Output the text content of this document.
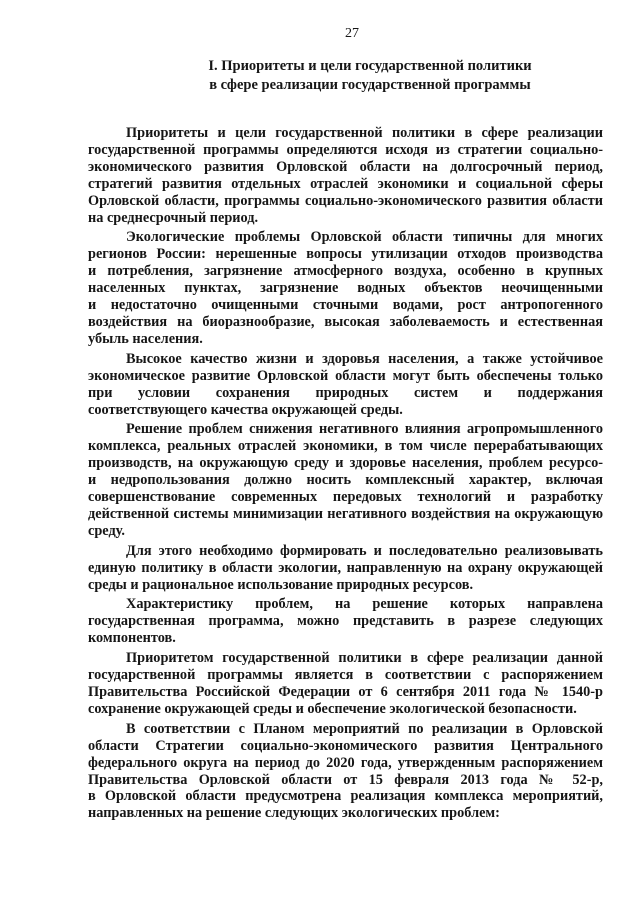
27
I. Приоритеты и цели государственной политики
в сфере реализации государственной программы

Приоритеты и цели государственной политики в сфере реализации
государственной программы определяются исходя из стратегии социально-
экономического развития Орловской области на долгосрочный период,
стратегий развития отдельных отраслей экономики и социальной сферы
Орловской области, программы социально-экономического развития области
на среднесрочный период.

Экологические проблемы Орловской области типичны для многих
регионов России: нерешенные вопросы утилизации отходов производства
и потребления, загрязнение атмосферного воздуха, особенно в крупных
населенных пунктах, загрязнение водных объектов неочищенными
и недостаточно очищенными сточными водами, рост антропогенного
воздействия на биоразнообразие, высокая заболеваемость и естественная
убыль населения.

Высокое качество жизни и здоровья населения, а также устойчивое
экономическое развитие Орловской области могут быть обеспечены только
при условии сохранения природных систем и поддержания
соответствующего качества окружающей среды.

Решение проблем снижения негативного влияния агропромышленного
комплекса, реальных отраслей экономики, в том числе перерабатывающих
производств, на окружающую среду и здоровье населения, проблем ресурсо-
и недропользования должно носить комплексный характер, включая
совершенствование современных передовых технологий и разработку
действенной системы минимизации негативного воздействия на окружающую
среду.

Для этого необходимо формировать и последовательно реализовывать
единую политику в области экологии, направленную на охрану окружающей
среды и рациональное использование природных ресурсов.

Характеристику проблем, на решение которых направлена
государственная программа, можно представить в разрезе следующих
компонентов.

Приоритетом государственной политики в сфере реализации данной
государственной программы является в соответствии с распоряжением
Правительства Российской Федерации от 6 сентября 2011 года № 1540-р
сохранение окружающей среды и обеспечение экологической безопасности.

В соответствии с Планом мероприятий по реализации в Орловской
области Стратегии социально-экономического развития Центрального
федерального округа на период до 2020 года, утвержденным распоряжением
Правительства Орловской области от 15 февраля 2013 года № 52-р,
в Орловской области предусмотрена реализация комплекса мероприятий,
направленных на решение следующих экологических проблем:
